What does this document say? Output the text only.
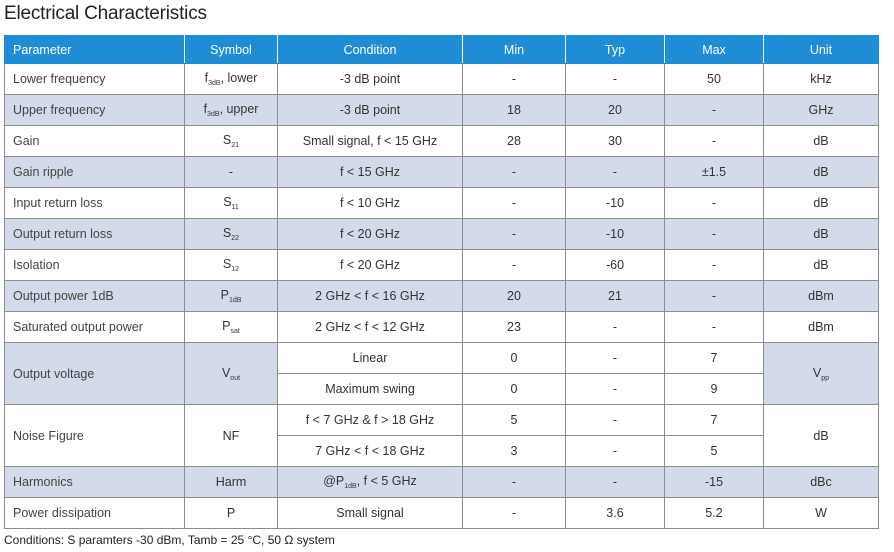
Electrical Characteristics
Parameter	Symbol	Condition	Min	Typ	Max	Unit
Lower frequency	$f_{3dB}$, lower	-3 dB point	-	-	50	kHz
Upper frequency	$f_{3dB}$, upper	-3 dB point	18	20	-	GHz
Gain	$S_{21}$	Small signal, f < 15 GHz	28	30	-	dB
Gain ripple	-	f < 15 GHz	-	-	±1.5	dB
Input return loss	$S_{11}$	f < 10 GHz	-	-10	-	dB
Output return loss	$S_{22}$	f < 20 GHz	-	-10	-	dB
Isolation	$S_{12}$	f < 20 GHz	-	-60	-	dB
Output power 1dB	$P_{1dB}$	2 GHz < f < 16 GHz	20	21	-	dBm
Saturated output power	$P_{sat}$	2 GHz < f < 12 GHz	23	-	-	dBm
Output voltage	$V_{out}$	Linear	0	-	7	$V_{pp}$
		Maximum swing	0	-	9	
Noise Figure	NF	f < 7 GHz & f > 18 GHz	5	-	7	dB
		7 GHz < f < 18 GHz	3	-	5	
Harmonics	Harm	$@P_{1dB}$, f < 5 GHz	-	-	-15	dBc
Power dissipation	P	Small signal	-	3.6	5.2	W
Conditions: S paramters -30 dBm, Tamb = 25 °C, 50 Ω system
